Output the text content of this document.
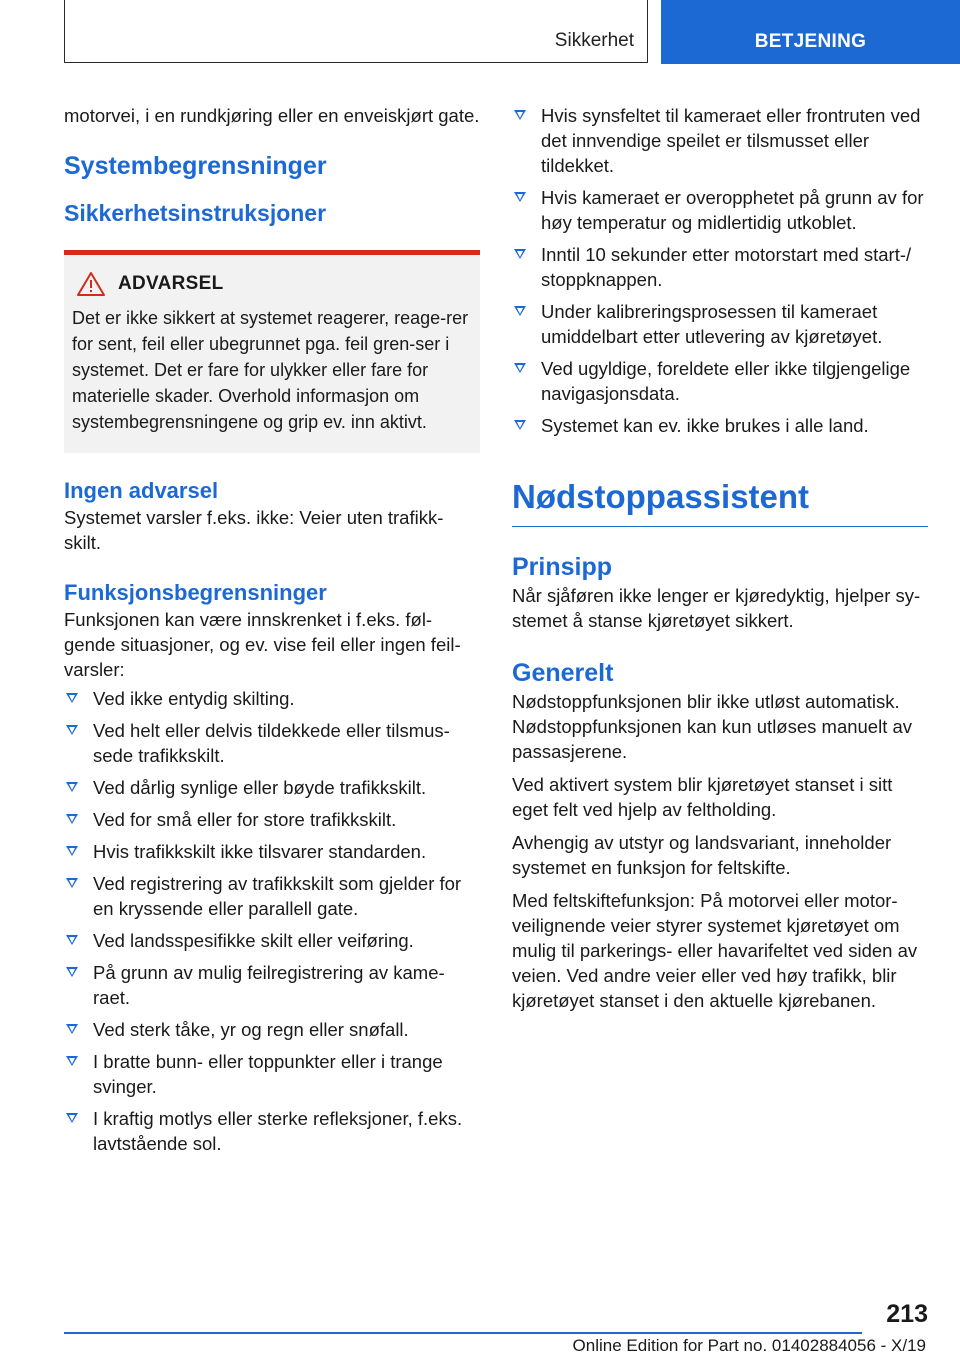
Sikkerhet	BETJENING

motorvei, i en rundkjøring eller en enveiskjørt gate.

Systembegrensninger
Sikkerhetsinstruksjoner
ADVARSEL

Det er ikke sikkert at systemet reagerer, reage-rer for sent, feil eller ubegrunnet pga. feil gren-ser i systemet. Det er fare for ulykker eller fare for materielle skader. Overhold informasjon om systembegrensningene og grip ev. inn aktivt.

Ingen advarsel

Systemet varsler f.eks. ikke: Veier uten trafikk-skilt.

Funksjonsbegrensninger

Funksjonen kan være innskrenket i f.eks. føl-gende situasjoner, og ev. vise feil eller ingen feil-varsler:

Ved ikke entydig skilting.
Ved helt eller delvis tildekkede eller tilsmus-sede trafikkskilt.
Ved dårlig synlige eller bøyde trafikkskilt.
Ved for små eller for store trafikkskilt.
Hvis trafikkskilt ikke tilsvarer standarden.
Ved registrering av trafikkskilt som gjelder for en kryssende eller parallell gate.
Ved landsspesifikke skilt eller veiføring.
På grunn av mulig feilregistrering av kame-raet.
Ved sterk tåke, yr og regn eller snøfall.
I bratte bunn- eller toppunkter eller i trange svinger.
I kraftig motlys eller sterke refleksjoner, f.eks. lavtstående sol.
Hvis synsfeltet til kameraet eller frontruten ved det innvendige speilet er tilsmusset eller tildekket.
Hvis kameraet er overopphetet på grunn av for høy temperatur og midlertidig utkoblet.
Inntil 10 sekunder etter motorstart med start-/ stoppknappen.
Under kalibreringsprosessen til kameraet umiddelbart etter utlevering av kjøretøyet.
Ved ugyldige, foreldete eller ikke tilgjengelige navigasjonsdata.
Systemet kan ev. ikke brukes i alle land.
Nødstoppassistent
Prinsipp

Når sjåføren ikke lenger er kjøredyktig, hjelper sy-stemet å stanse kjøretøyet sikkert.

Generelt

Nødstoppfunksjonen blir ikke utløst automatisk. Nødstoppfunksjonen kan kun utløses manuelt av passasjerene.

Ved aktivert system blir kjøretøyet stanset i sitt eget felt ved hjelp av feltholding.

Avhengig av utstyr og landsvariant, inneholder systemet en funksjon for feltskifte.

Med feltskiftefunksjon: På motorvei eller motor-veilignende veier styrer systemet kjøretøyet om mulig til parkerings- eller havarifeltet ved siden av veien. Ved andre veier eller ved høy trafikk, blir kjøretøyet stanset i den aktuelle kjørebanen.

213
Online Edition for Part no. 01402884056 - X/19
